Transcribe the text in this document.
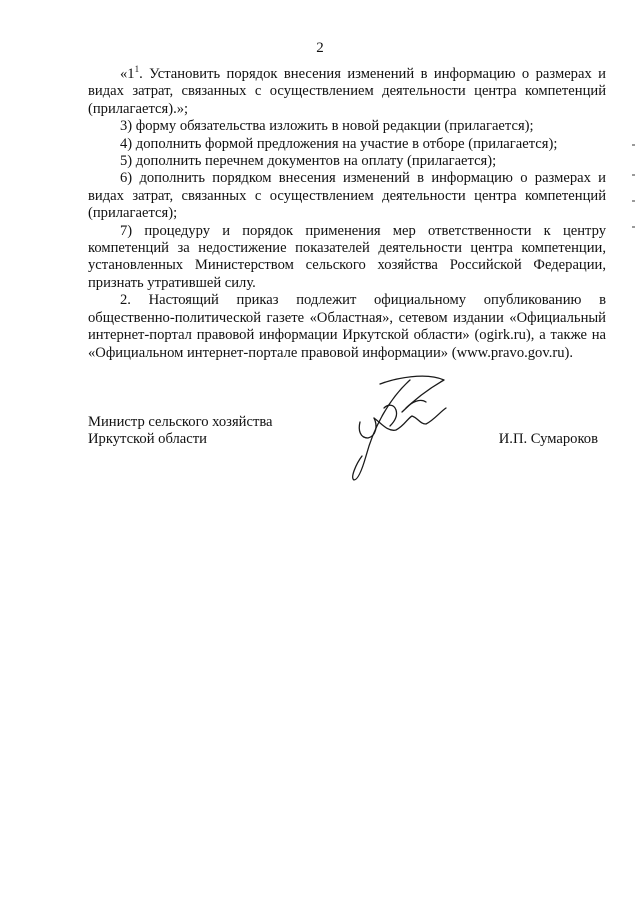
2

«$1^1$. Установить порядок внесения изменений в информацию о размерах и видах затрат, связанных с осуществлением деятельности центра компетенций (прилагается).»;

3) форму обязательства изложить в новой редакции (прилагается);

4) дополнить формой предложения на участие в отборе (прилагается);

5) дополнить перечнем документов на оплату (прилагается);

6) дополнить порядком внесения изменений в информацию о размерах и видах затрат, связанных с осуществлением деятельности центра компетенций (прилагается);

7) процедуру и порядок применения мер ответственности к центру компетенций за недостижение показателей деятельности центра компетенции, установленных Министерством сельского хозяйства Российской Федерации, признать утратившей силу.

2. Настоящий приказ подлежит официальному опубликованию в общественно-политической газете «Областная», сетевом издании «Официальный интернет-портал правовой информации Иркутской области» (ogirk.ru), а также на «Официальном интернет-портале правовой информации» (www.pravo.gov.ru).

Министр сельского хозяйства
Иркутской области	И.П. Сумароков
